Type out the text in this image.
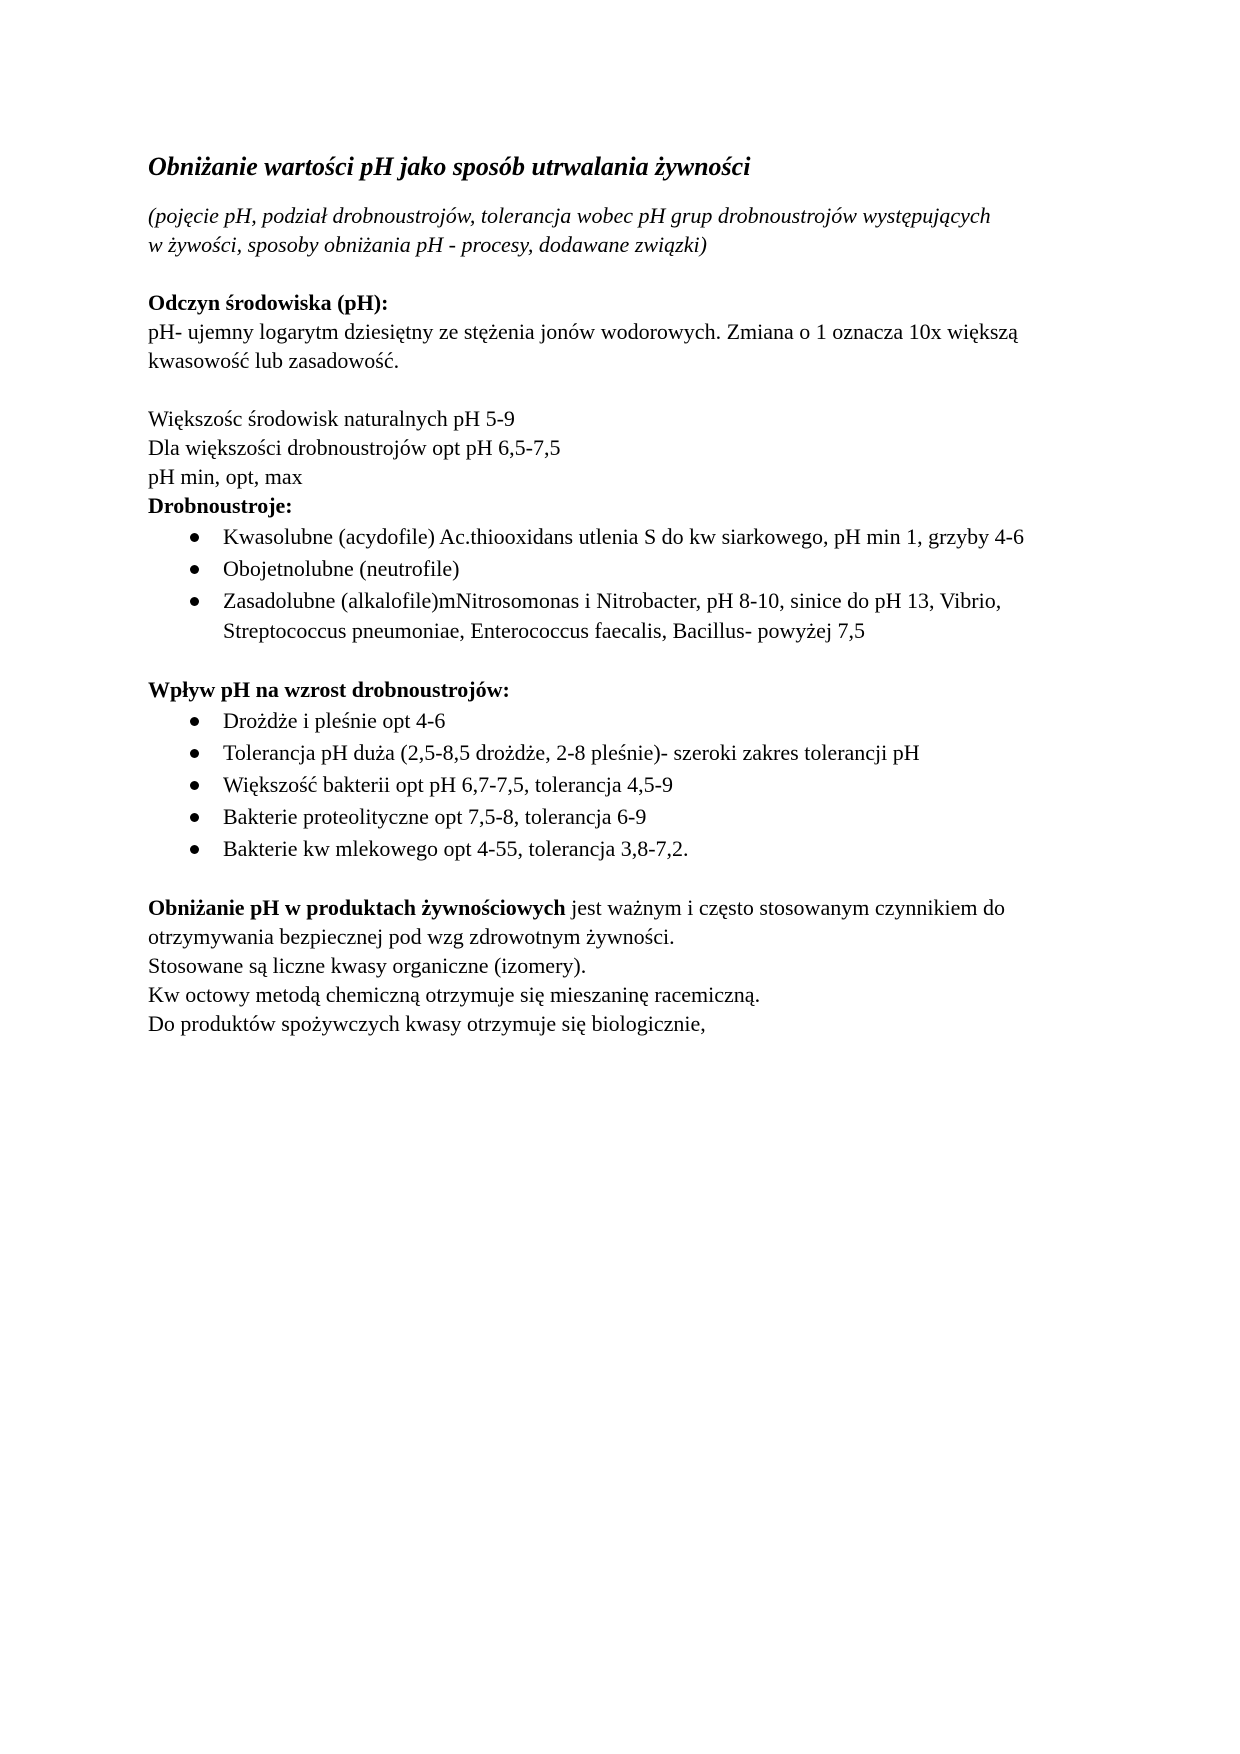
Obniżanie wartości pH jako sposób utrwalania żywności

(pojęcie pH, podział drobnoustrojów, tolerancja wobec pH grup drobnoustrojów występujących w żywości, sposoby obniżania pH - procesy, dodawane związki)

Odczyn środowiska (pH):

pH- ujemny logarytm dziesiętny ze stężenia jonów wodorowych. Zmiana o 1 oznacza 10x większą kwasowość lub zasadowość.

Większośc środowisk naturalnych pH 5-9

Dla większości drobnoustrojów opt pH 6,5-7,5

pH min, opt, max

Drobnoustroje:

Kwasolubne (acydofile) Ac.thiooxidans utlenia S do kw siarkowego, pH min 1, grzyby 4-6
Obojetnolubne (neutrofile)
Zasadolubne (alkalofile)mNitrosomonas i Nitrobacter, pH 8-10, sinice do pH 13, Vibrio, Streptococcus pneumoniae, Enterococcus faecalis, Bacillus- powyżej 7,5

Wpływ pH na wzrost drobnoustrojów:

Drożdże i pleśnie opt 4-6
Tolerancja pH duża (2,5-8,5 drożdże, 2-8 pleśnie)- szeroki zakres tolerancji pH
Większość bakterii opt pH 6,7-7,5, tolerancja 4,5-9
Bakterie proteolityczne opt 7,5-8, tolerancja 6-9
Bakterie kw mlekowego opt 4-55, tolerancja 3,8-7,2.

Obniżanie pH w produktach żywnościowych jest ważnym i często stosowanym czynnikiem do otrzymywania bezpiecznej pod wzg zdrowotnym żywności.

Stosowane są liczne kwasy organiczne (izomery).

Kw octowy metodą chemiczną otrzymuje się mieszaninę racemiczną.

Do produktów spożywczych kwasy otrzymuje się biologicznie,
